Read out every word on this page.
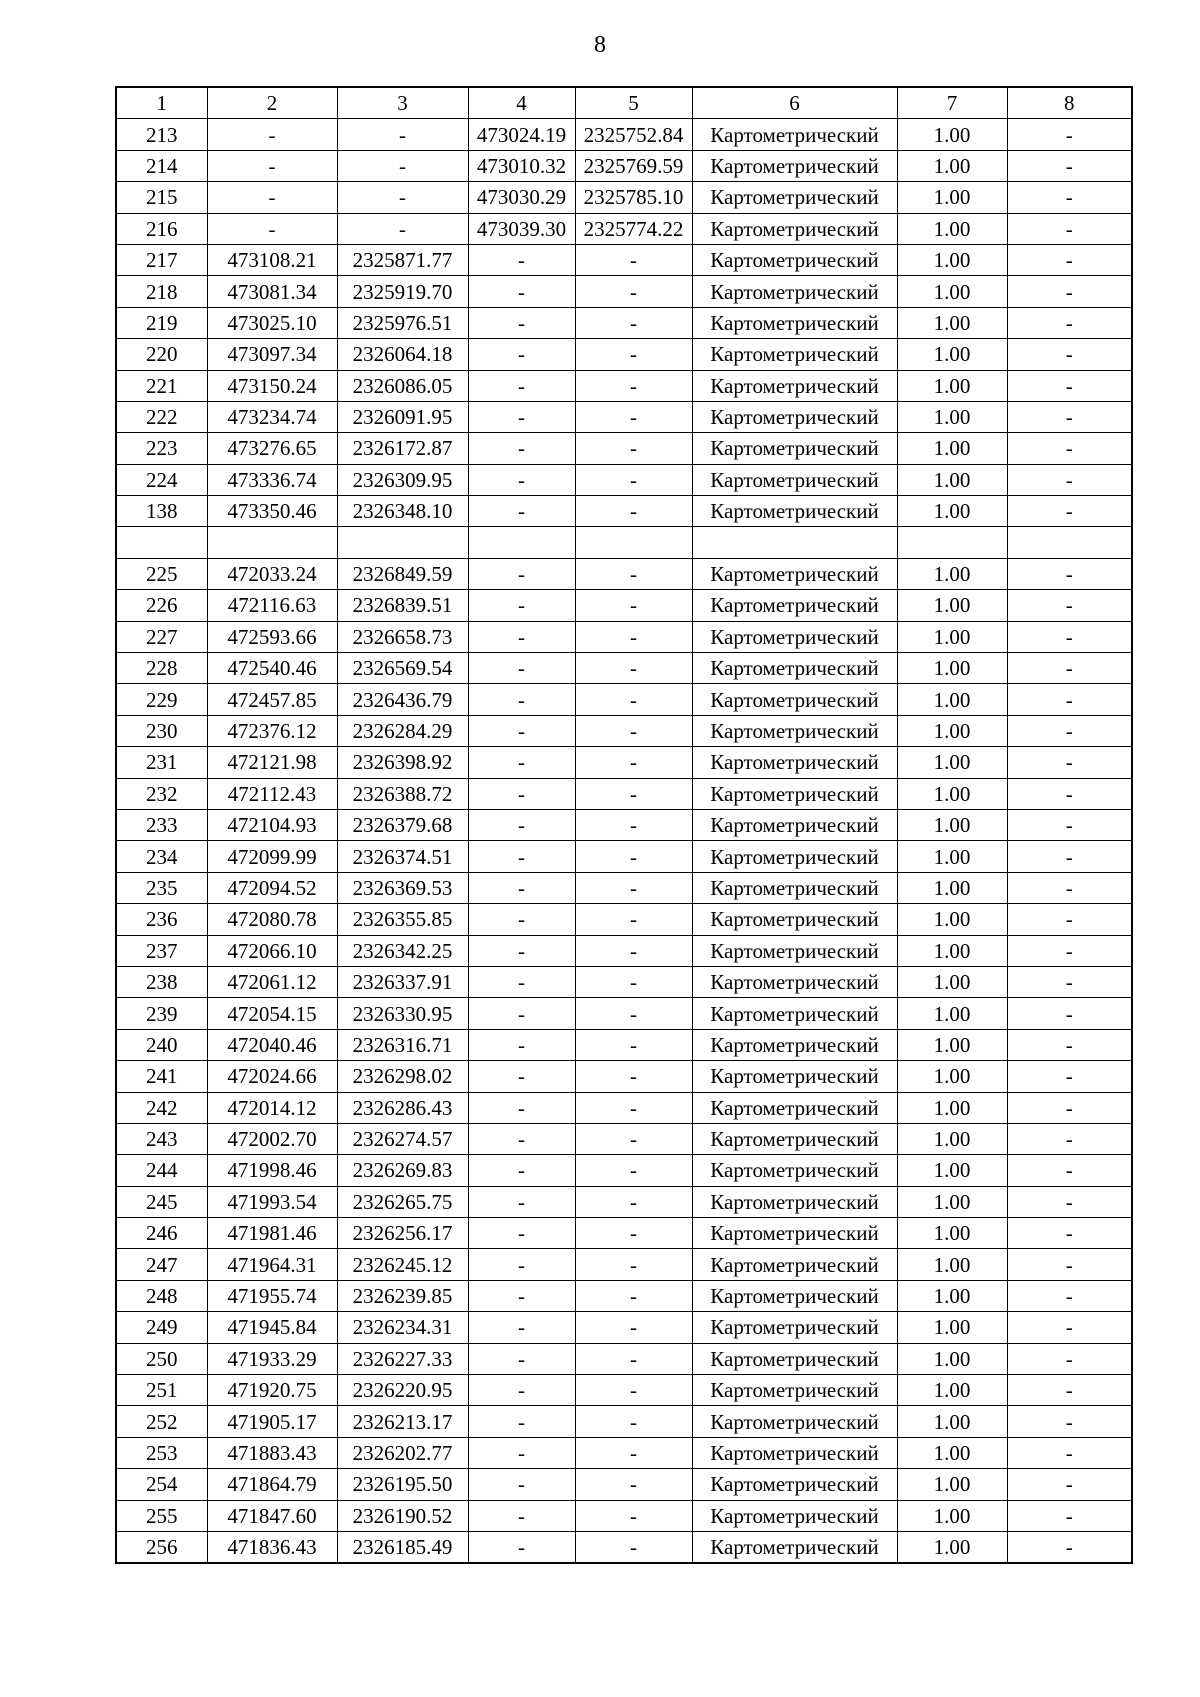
8
1	2	3	4	5	6	7	8
213	-	-	473024.19	2325752.84	Картометрический	1.00	-
214	-	-	473010.32	2325769.59	Картометрический	1.00	-
215	-	-	473030.29	2325785.10	Картометрический	1.00	-
216	-	-	473039.30	2325774.22	Картометрический	1.00	-
217	473108.21	2325871.77	-	-	Картометрический	1.00	-
218	473081.34	2325919.70	-	-	Картометрический	1.00	-
219	473025.10	2325976.51	-	-	Картометрический	1.00	-
220	473097.34	2326064.18	-	-	Картометрический	1.00	-
221	473150.24	2326086.05	-	-	Картометрический	1.00	-
222	473234.74	2326091.95	-	-	Картометрический	1.00	-
223	473276.65	2326172.87	-	-	Картометрический	1.00	-
224	473336.74	2326309.95	-	-	Картометрический	1.00	-
138	473350.46	2326348.10	-	-	Картометрический	1.00	-

225	472033.24	2326849.59	-	-	Картометрический	1.00	-
226	472116.63	2326839.51	-	-	Картометрический	1.00	-
227	472593.66	2326658.73	-	-	Картометрический	1.00	-
228	472540.46	2326569.54	-	-	Картометрический	1.00	-
229	472457.85	2326436.79	-	-	Картометрический	1.00	-
230	472376.12	2326284.29	-	-	Картометрический	1.00	-
231	472121.98	2326398.92	-	-	Картометрический	1.00	-
232	472112.43	2326388.72	-	-	Картометрический	1.00	-
233	472104.93	2326379.68	-	-	Картометрический	1.00	-
234	472099.99	2326374.51	-	-	Картометрический	1.00	-
235	472094.52	2326369.53	-	-	Картометрический	1.00	-
236	472080.78	2326355.85	-	-	Картометрический	1.00	-
237	472066.10	2326342.25	-	-	Картометрический	1.00	-
238	472061.12	2326337.91	-	-	Картометрический	1.00	-
239	472054.15	2326330.95	-	-	Картометрический	1.00	-
240	472040.46	2326316.71	-	-	Картометрический	1.00	-
241	472024.66	2326298.02	-	-	Картометрический	1.00	-
242	472014.12	2326286.43	-	-	Картометрический	1.00	-
243	472002.70	2326274.57	-	-	Картометрический	1.00	-
244	471998.46	2326269.83	-	-	Картометрический	1.00	-
245	471993.54	2326265.75	-	-	Картометрический	1.00	-
246	471981.46	2326256.17	-	-	Картометрический	1.00	-
247	471964.31	2326245.12	-	-	Картометрический	1.00	-
248	471955.74	2326239.85	-	-	Картометрический	1.00	-
249	471945.84	2326234.31	-	-	Картометрический	1.00	-
250	471933.29	2326227.33	-	-	Картометрический	1.00	-
251	471920.75	2326220.95	-	-	Картометрический	1.00	-
252	471905.17	2326213.17	-	-	Картометрический	1.00	-
253	471883.43	2326202.77	-	-	Картометрический	1.00	-
254	471864.79	2326195.50	-	-	Картометрический	1.00	-
255	471847.60	2326190.52	-	-	Картометрический	1.00	-
256	471836.43	2326185.49	-	-	Картометрический	1.00	-
